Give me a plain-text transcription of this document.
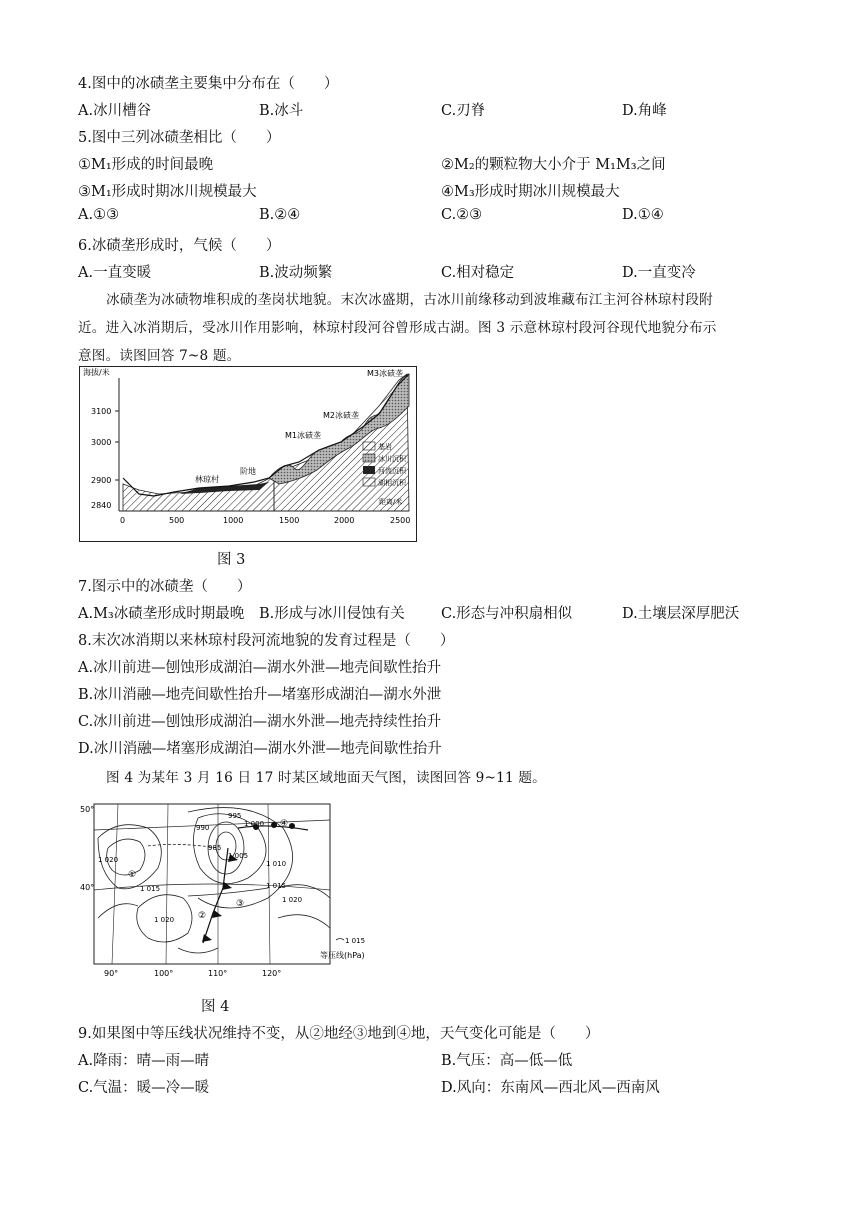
4.图中的冰碛垄主要集中分布在（　　）
A.冰川槽谷	B.冰斗	C.刃脊	D.角峰
5.图中三列冰碛垄相比（　　）
①M₁形成的时间最晚	②M₂的颗粒物大小介于 M₁M₃之间
③M₁形成时期冰川规模最大	④M₃形成时期冰川规模最大
A.①③	B.②④	C.②③	D.①④
6.冰碛垄形成时，气候（　　）
A.一直变暖	B.波动频繁	C.相对稳定	D.一直变冷
冰碛垄为冰碛物堆积成的垄岗状地貌。末次冰盛期，古冰川前缘移动到波堆藏布江主河谷林琼村段附
近。进入冰消期后，受冰川作用影响，林琼村段河谷曾形成古湖。图 3 示意林琼村段河谷现代地貌分布示
意图。读图回答 7~8 题。
海拔/米
3100
3000
2900
2840
0	500	1000	1500	2000	2500
M3冰碛垄
M2冰碛垄
M1冰碛垄
阶地
林琼村
基岩
冰川沉积
河流沉积
湖相沉积
图 3
7.图示中的冰碛垄（　　）
A.M₃冰碛垄形成时期最晚 B.形成与冰川侵蚀有关 C.形态与冲积扇相似	D.土壤层深厚肥沃
8.末次冰消期以来林琼村段河流地貌的发育过程是（　　）
A.冰川前进—刨蚀形成湖泊—湖水外泄—地壳间歇性抬升
B.冰川消融—地壳间歇性抬升—堵塞形成湖泊—湖水外泄
C.冰川前进—刨蚀形成湖泊—湖水外泄—地壳持续性抬升
D.冰川消融—堵塞形成湖泊—湖水外泄—地壳间歇性抬升
图 4 为某年 3 月 16 日 17 时某区域地面天气图，读图回答 9~11 题。
50°
40°
90°	100°	110°	120°
990
995
1 000
985
1 005
1 010
1 020
1 015	1 015
1 020
1 020
①
②
③
④
1 015
等压线(hPa)
图 4
9.如果图中等压线状况维持不变，从②地经③地到④地，天气变化可能是（　　）
A.降雨：晴—雨—晴	B.气压：高—低—低
C.气温：暖—冷—暖	D.风向：东南风—西北风—西南风
